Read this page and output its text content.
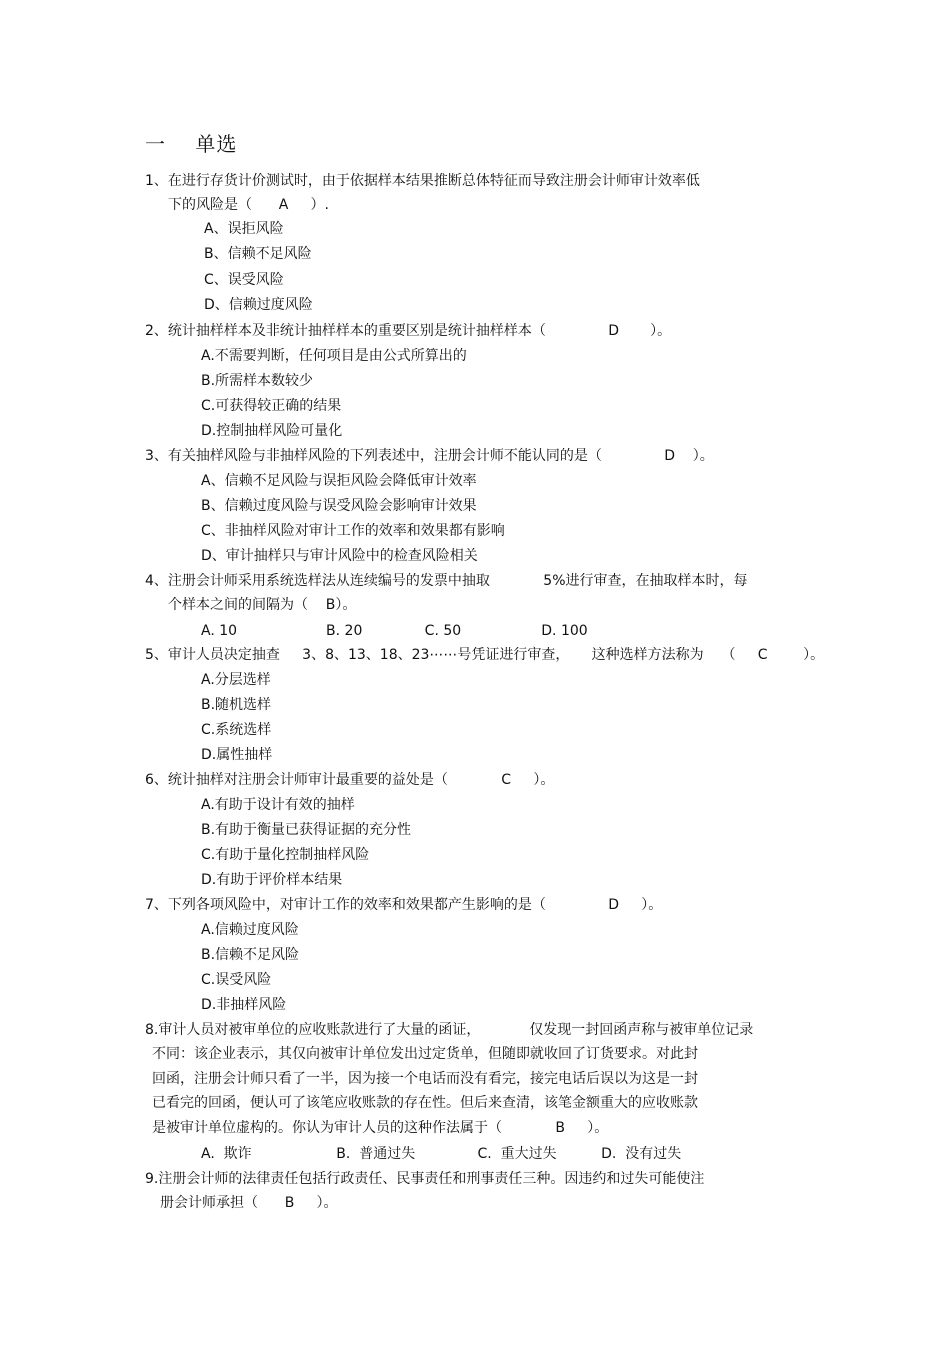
一    单选
1、在进行存货计价测试时，由于依据样本结果推断总体特征而导致注册会计师审计效率低
下的风险是（      A     ）.
A、误拒风险
B、信赖不足风险
C、误受风险
D、信赖过度风险
2、统计抽样样本及非统计抽样样本的重要区别是统计抽样样本（              D       ）。
A.不需要判断，任何项目是由公式所算出的
B.所需样本数较少
C.可获得较正确的结果
D.控制抽样风险可量化
3、有关抽样风险与非抽样风险的下列表述中，注册会计师不能认同的是（              D    ）。
A、信赖不足风险与误拒风险会降低审计效率
B、信赖过度风险与误受风险会影响审计效果
C、非抽样风险对审计工作的效率和效果都有影响
D、审计抽样只与审计风险中的检查风险相关
4、注册会计师采用系统选样法从连续编号的发票中抽取            5%进行审查，在抽取样本时，每
个样本之间的间隔为（    B）。
A. 10                    B. 20              C. 50                  D. 100
5、审计人员决定抽查     3、8、13、18、23⋯⋯号凭证进行审查，     这种选样方法称为    （     C        ）。
A.分层选样
B.随机选样
C.系统选样
D.属性抽样
6、统计抽样对注册会计师审计最重要的益处是（            C     ）。
A.有助于设计有效的抽样
B.有助于衡量已获得证据的充分性
C.有助于量化控制抽样风险
D.有助于评价样本结果
7、下列各项风险中，对审计工作的效率和效果都产生影响的是（              D     ）。
A.信赖过度风险
B.信赖不足风险
C.误受风险
D.非抽样风险
8.审计人员对被审单位的应收账款进行了大量的函证，           仅发现一封回函声称与被审单位记录
不同：该企业表示，其仅向被审计单位发出过定货单，但随即就收回了订货要求。对此封
回函，注册会计师只看了一半，因为接一个电话而没有看完，接完电话后误以为这是一封
已看完的回函，便认可了该笔应收账款的存在性。但后来查清，该笔金额重大的应收账款
是被审计单位虚构的。你认为审计人员的这种作法属于（            B     ）。
A.  欺诈                   B.  普通过失              C.  重大过失          D.  没有过失
9.注册会计师的法律责任包括行政责任、民事责任和刑事责任三种。因违约和过失可能使注
册会计师承担（      B     ）。
